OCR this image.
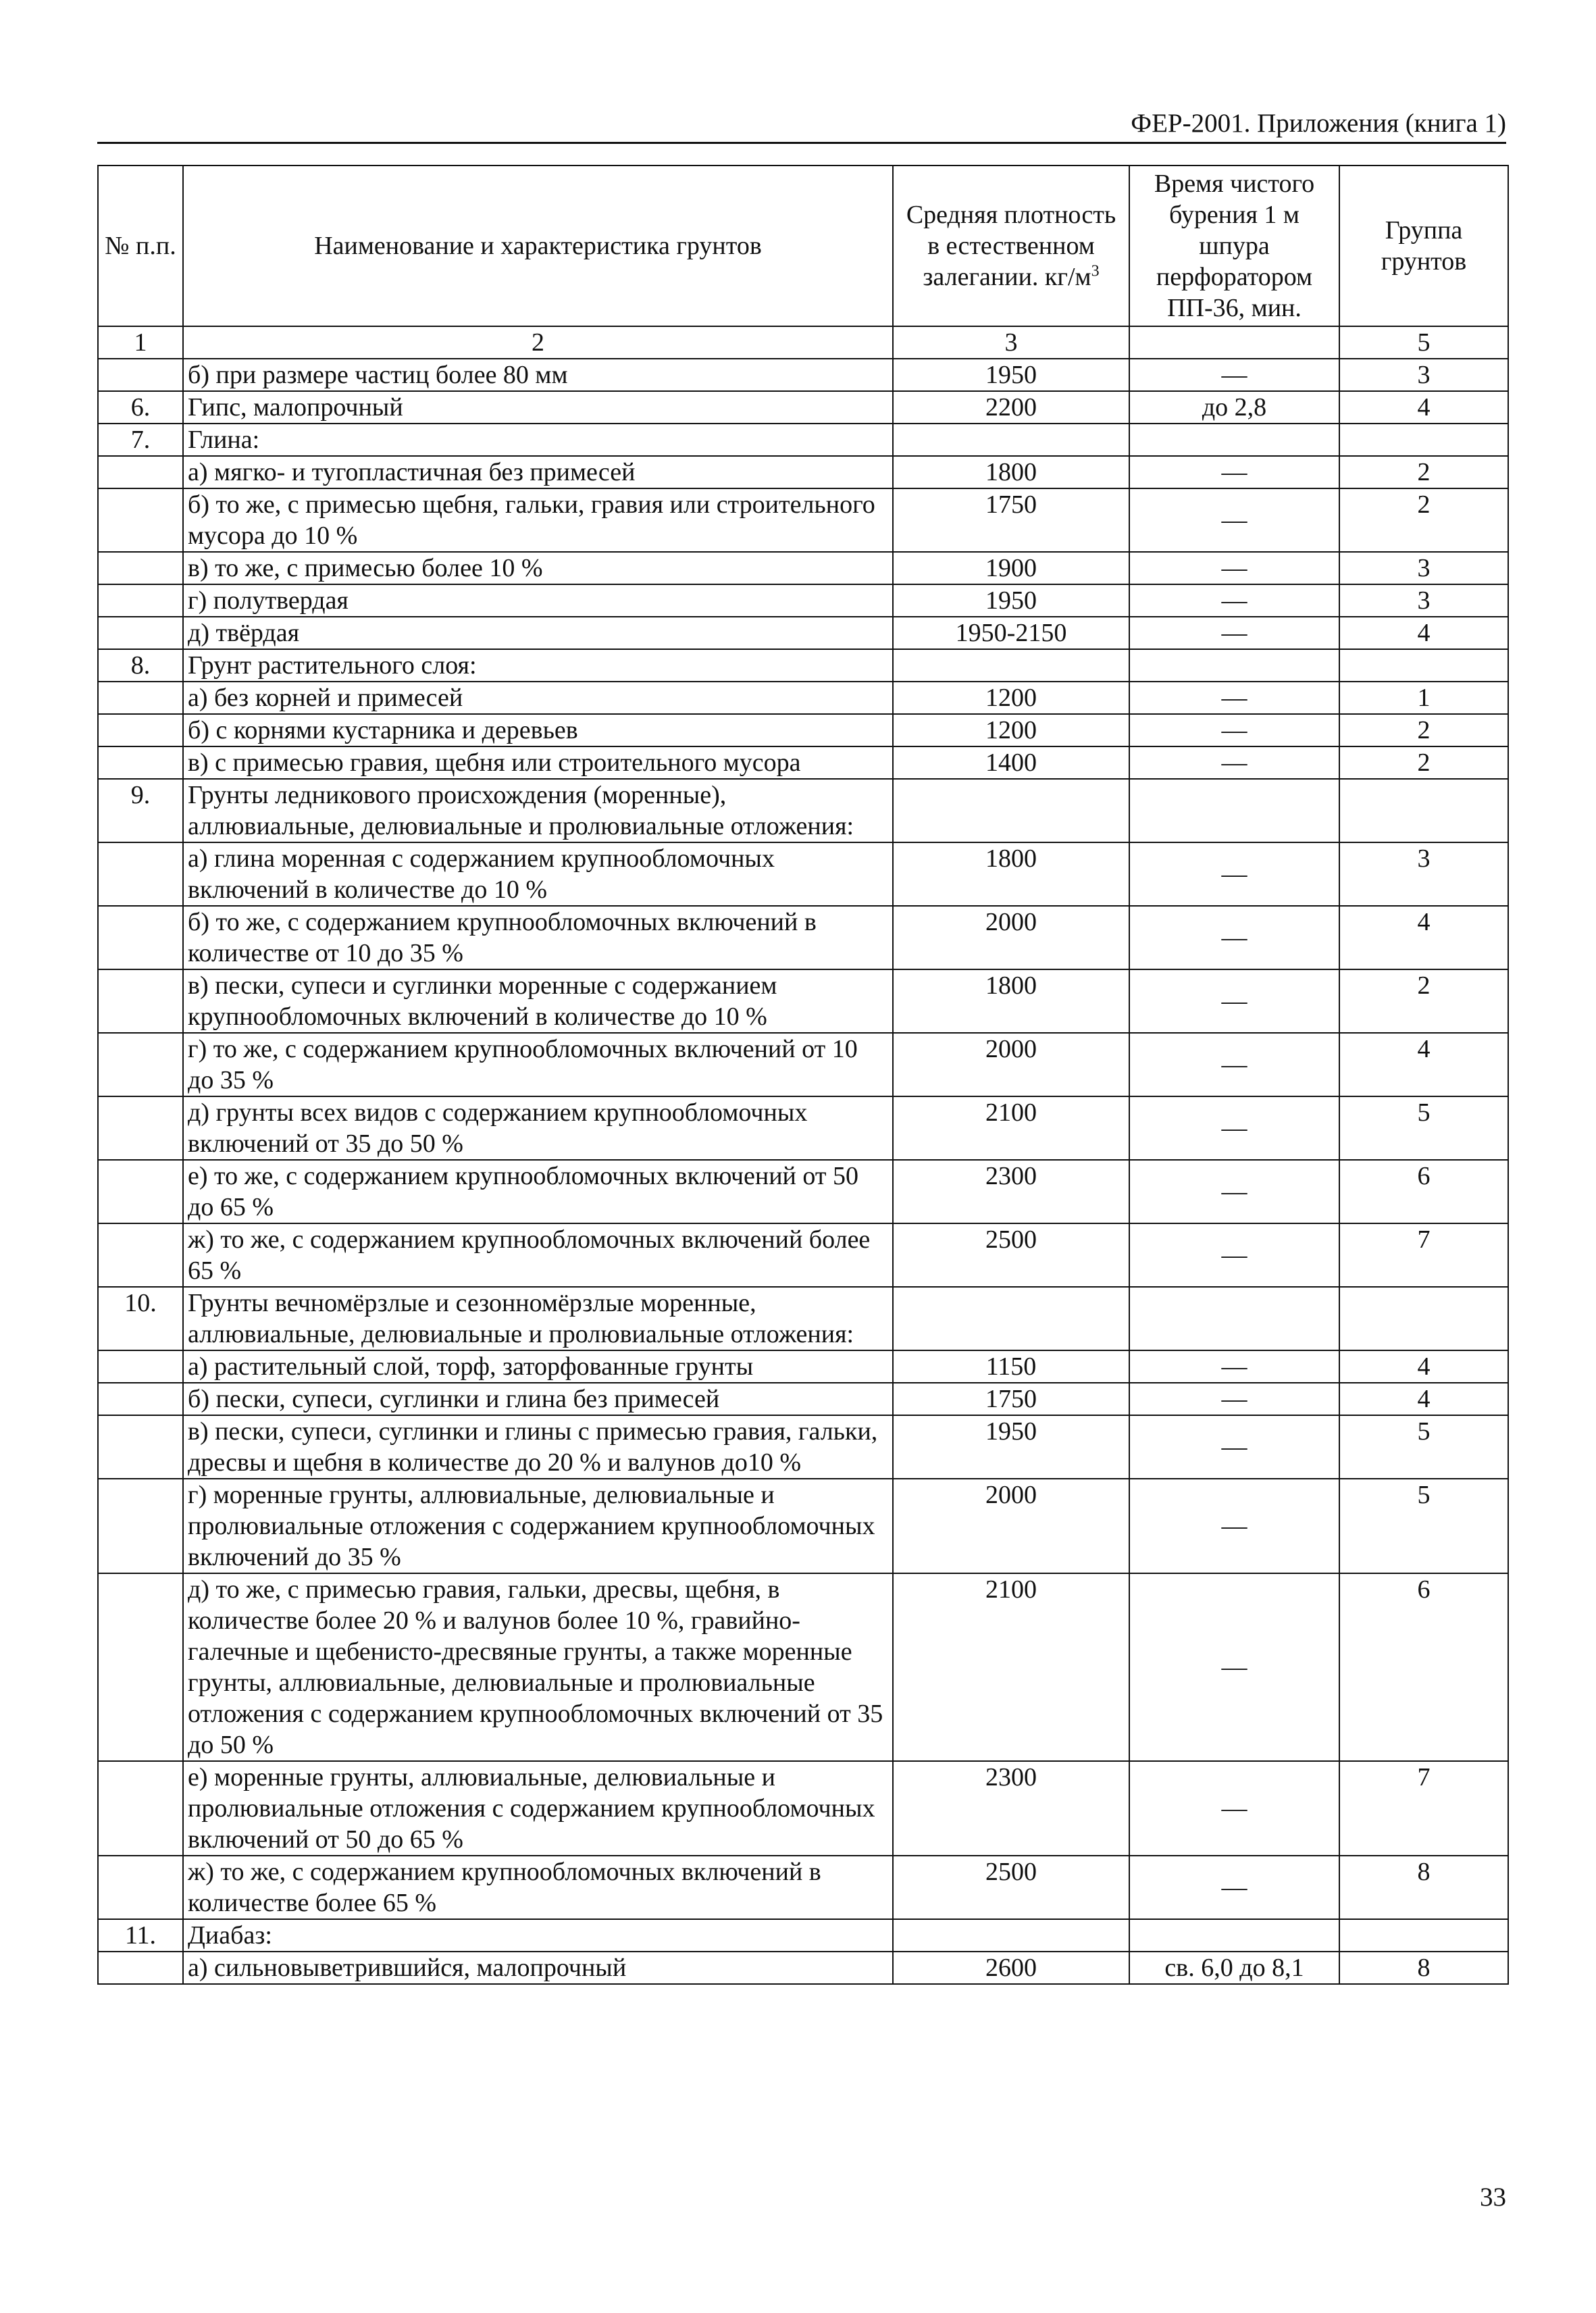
ФЕР-2001. Приложения (книга 1)
№ п.п.	Наименование и характеристика грунтов	Средняя плотность в естественном залегании. $кг/м^3$	Время чистого бурения 1 м шпура перфоратором ПП-36, мин.	Группа грунтов
1	2	3		5
	б) при размере частиц более 80 мм	1950	—	3
6.	Гипс, малопрочный	2200	до 2,8	4
7.	Глина:			
	а) мягко- и тугопластичная без примесей	1800	—	2
	б) то же, с примесью щебня, гальки, гравия или строительного мусора до 10 %	1750	—	2
	в) то же, с примесью более 10 %	1900	—	3
	г) полутвердая	1950	—	3
	д) твёрдая	1950-2150	—	4
8.	Грунт растительного слоя:			
	а) без корней и примесей	1200	—	1
	б) с корнями кустарника и деревьев	1200	—	2
	в) с примесью гравия, щебня или строительного мусора	1400	—	2
9.	Грунты ледникового происхождения (моренные), аллювиальные, делювиальные и пролювиальные отложения:			
	а) глина моренная с содержанием крупнообломочных включений в количестве до 10 %	1800	—	3
	б) то же, с содержанием крупнообломочных включений в количестве от 10 до 35 %	2000	—	4
	в) пески, супеси и суглинки моренные с содержанием крупнообломочных включений в количестве до 10 %	1800	—	2
	г) то же, с содержанием крупнообломочных включений от 10 до 35 %	2000	—	4
	д) грунты всех видов с содержанием крупнообломочных включений от 35 до 50 %	2100	—	5
	е) то же, с содержанием крупнообломочных включений от 50 до 65 %	2300	—	6
	ж) то же, с содержанием крупнообломочных включений более 65 %	2500	—	7
10.	Грунты вечномёрзлые и сезонномёрзлые моренные, аллювиальные, делювиальные и пролювиальные отложения:			
	а) растительный слой, торф, заторфованные грунты	1150	—	4
	б) пески, супеси, суглинки и глина без примесей	1750	—	4
	в) пески, супеси, суглинки и глины с примесью гравия, гальки, дресвы и щебня в количестве до 20 % и валунов до10 %	1950	—	5
	г) моренные грунты, аллювиальные, делювиальные и пролювиальные отложения с содержанием крупнообломочных включений до 35 %	2000	—	5
	д) то же, с примесью гравия, гальки, дресвы, щебня, в количестве более 20 % и валунов более 10 %, гравийно-галечные и щебенисто-дресвяные грунты, а также моренные грунты, аллювиальные, делювиальные и пролювиальные отложения с содержанием крупнообломочных включений от 35 до 50 %	2100	—	6
	е) моренные грунты, аллювиальные, делювиальные и пролювиальные отложения с содержанием крупнообломочных включений от 50 до 65 %	2300	—	7
	ж) то же, с содержанием крупнообломочных включений в количестве более 65 %	2500	—	8
11.	Диабаз:			
	а) сильновыветрившийся, малопрочный	2600	св. 6,0 до 8,1	8
33
